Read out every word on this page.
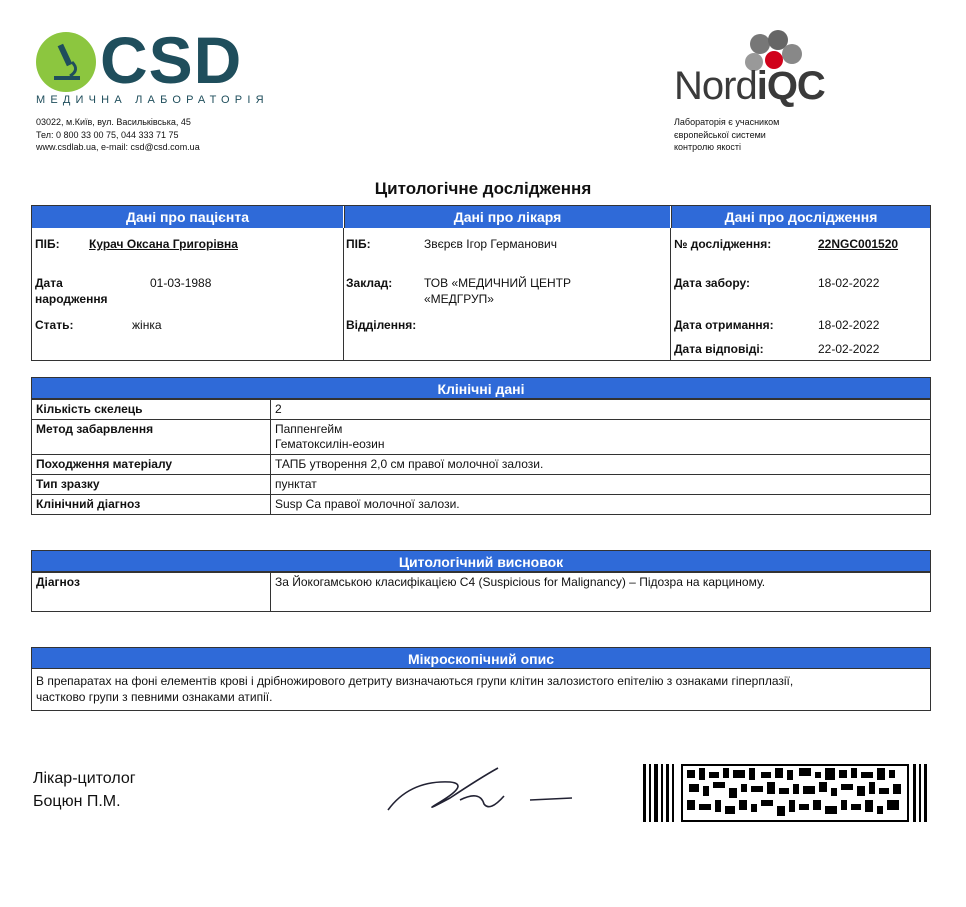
CSD
МЕДИЧНА ЛАБОРАТОРІЯ
03022, м.Київ, вул. Васильківська, 45
Тел: 0 800 33 00 75, 044 333 71 75
www.csdlab.ua, e-mail: csd@csd.com.ua
NordiQC
Лабораторія є учасником
європейської системи
контролю якості
Цитологічне дослідження
Дані про пацієнта	Дані про лікаря	Дані про дослідження
ПІБ: Курач Оксана Григорівна
Дата
народження
01-03-1988
Стать:	жінка
ПІБ:	Звєрєв Ігор Германович
Заклад:	ТОВ «МЕДИЧНИЙ ЦЕНТР
«МЕДГРУП»
Відділення:
№ дослідження:	22NGC001520
Дата забору:	18-02-2022
Дата отримання:	18-02-2022
Дата відповіді:	22-02-2022
Клінічні дані
Кількість скелець	2
Метод забарвлення	Паппенгейм
Гематоксилін-еозин

Походження матеріалу	ТАПБ утворення 2,0 см правої молочної залози.
Тип зразку	пунктат
Клінічний діагноз	Susp Ca правої молочної залози.
Цитологічний висновок
Діагноз	За Йокогамською класифікацією С4 (Suspicious for Malignancy) – Підозра на карциному.
Мікроскопічний опис
В препаратах на фоні елементів крові і дрібножирового детриту визначаються групи клітин залозистого епітелію з ознаками гіперплазії,
частково групи з певними ознаками атипії.
Лікар-цитолог
Боцюн П.М.
